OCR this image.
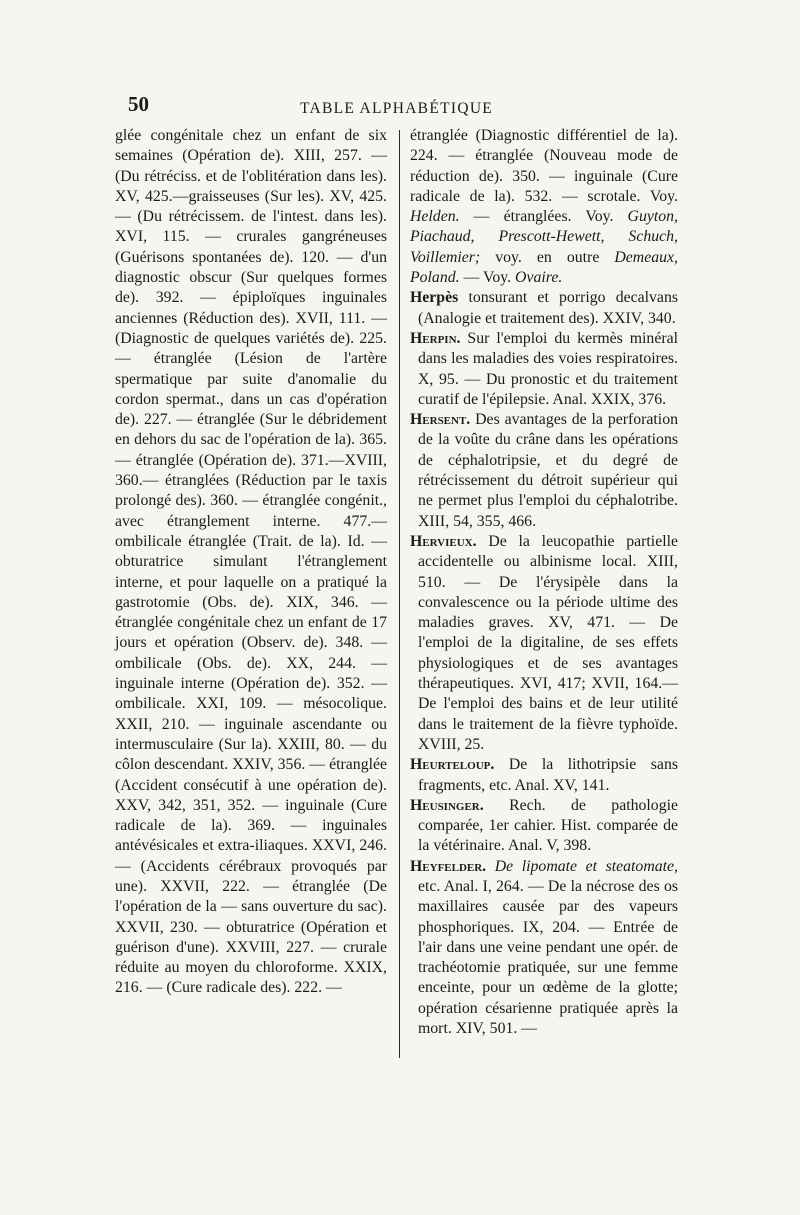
50	TABLE ALPHABÉTIQUE

glée congénitale chez un enfant de six semaines (Opération de). XIII, 257. — (Du rétréciss. et de l'oblitération dans les). XV, 425.—graisseuses (Sur les). XV, 425. — (Du rétrécissem. de l'intest. dans les). XVI, 115. — crurales gangréneuses (Guérisons spontanées de). 120. — d'un diagnostic obscur (Sur quelques formes de). 392. — épiploïques inguinales anciennes (Réduction des). XVII, 111. — (Diagnostic de quelques variétés de). 225. — étranglée (Lésion de l'artère spermatique par suite d'anomalie du cordon spermat., dans un cas d'opération de). 227. — étranglée (Sur le débridement en dehors du sac de l'opération de la). 365. — étranglée (Opération de). 371.—XVIII, 360.— étranglées (Réduction par le taxis prolongé des). 360. — étranglée congénit., avec étranglement interne. 477.— ombilicale étranglée (Trait. de la). Id. — obturatrice simulant l'étranglement interne, et pour laquelle on a pratiqué la gastrotomie (Obs. de). XIX, 346. — étranglée congénitale chez un enfant de 17 jours et opération (Observ. de). 348. — ombilicale (Obs. de). XX, 244. — inguinale interne (Opération de). 352. — ombilicale. XXI, 109. — mésocolique. XXII, 210. — inguinale ascendante ou intermusculaire (Sur la). XXIII, 80. — du côlon descendant. XXIV, 356. — étranglée (Accident consécutif à une opération de). XXV, 342, 351, 352. — inguinale (Cure radicale de la). 369. — inguinales antévésicales et extra-iliaques. XXVI, 246. — (Accidents cérébraux provoqués par une). XXVII, 222. — étranglée (De l'opération de la — sans ouverture du sac). XXVII, 230. — obturatrice (Opération et guérison d'une). XXVIII, 227. — crurale réduite au moyen du chloroforme. XXIX, 216. — (Cure radicale des). 222. —

étranglée (Diagnostic différentiel de la). 224. — étranglée (Nouveau mode de réduction de). 350. — inguinale (Cure radicale de la). 532. — scrotale. Voy. Helden. — étranglées. Voy. Guyton, Piachaud, Prescott-Hewett, Schuch, Voillemier; voy. en outre Demeaux, Poland. — Voy. Ovaire.

Herpès tonsurant et porrigo decalvans (Analogie et traitement des). XXIV, 340.

Herpin. Sur l'emploi du kermès minéral dans les maladies des voies respiratoires. X, 95. — Du pronostic et du traitement curatif de l'épilepsie. Anal. XXIX, 376.

Hersent. Des avantages de la perforation de la voûte du crâne dans les opérations de céphalotripsie, et du degré de rétrécissement du détroit supérieur qui ne permet plus l'emploi du céphalotribe. XIII, 54, 355, 466.

Hervieux. De la leucopathie partielle accidentelle ou albinisme local. XIII, 510. — De l'érysipèle dans la convalescence ou la période ultime des maladies graves. XV, 471. — De l'emploi de la digitaline, de ses effets physiologiques et de ses avantages thérapeutiques. XVI, 417; XVII, 164.—De l'emploi des bains et de leur utilité dans le traitement de la fièvre typhoïde. XVIII, 25.

Heurteloup. De la lithotripsie sans fragments, etc. Anal. XV, 141.

Heusinger. Rech. de pathologie comparée, 1er cahier. Hist. comparée de la vétérinaire. Anal. V, 398.

Heyfelder. De lipomate et steatomate, etc. Anal. I, 264. — De la nécrose des os maxillaires causée par des vapeurs phosphoriques. IX, 204. — Entrée de l'air dans une veine pendant une opér. de trachéotomie pratiquée, sur une femme enceinte, pour un œdème de la glotte; opération césarienne pratiquée après la mort. XIV, 501. —
